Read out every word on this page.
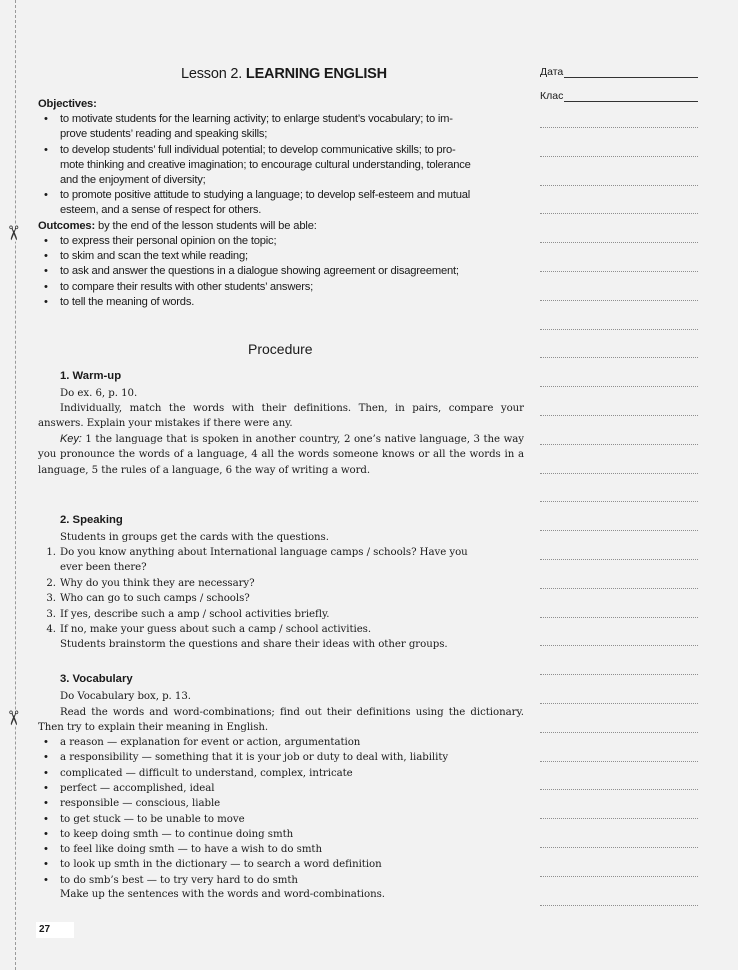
✂
✂
Lesson 2. LEARNING ENGLISH	Дата
Клас
Objectives:
• to motivate students for the learning activity; to enlarge student’s vocabulary; to im-
prove students’ reading and speaking skills;
• to develop students’ full individual potential; to develop communicative skills; to pro-
mote thinking and creative imagination; to encourage cultural understanding, tolerance
and the enjoyment of diversity;
• to promote positive attitude to studying a language; to develop self-esteem and mutual
esteem, and a sense of respect for others.
Outcomes: by the end of the lesson students will be able:
• to express their personal opinion on the topic;
• to skim and scan the text while reading;
• to ask and answer the questions in a dialogue showing agreement or disagreement;
• to compare their results with other students’ answers;
• to tell the meaning of words.
Procedure
1. Warm-up
Do ex. 6, p. 10.
Individually, match the words with their definitions. Then, in pairs, compare your answers. Explain your mistakes if there were any.
Key: 1 the language that is spoken in another country, 2 one’s native language, 3 the way you pronounce the words of a language, 4 all the words someone knows or all the words in a language, 5 the rules of a language, 6 the way of writing a word.
2. Speaking
Students in groups get the cards with the questions.
1. Do you know anything about International language camps / schools? Have you
ever been there?
2. Why do you think they are necessary?
3. Who can go to such camps / schools?
3. If yes, describe such a amp / school activities briefly.
4. If no, make your guess about such a camp / school activities.
Students brainstorm the questions and share their ideas with other groups.
3. Vocabulary
Do Vocabulary box, p. 13.
Read the words and word-combinations; find out their definitions using the dictionary. Then try to explain their meaning in English.
• a reason — explanation for event or action, argumentation
• a responsibility — something that it is your job or duty to deal with, liability
• complicated — difficult to understand, complex, intricate
• perfect — accomplished, ideal
• responsible — conscious, liable
• to get stuck — to be unable to move
• to keep doing smth — to continue doing smth
• to feel like doing smth — to have a wish to do smth
• to look up smth in the dictionary — to search a word definition
• to do smb’s best — to try very hard to do smth
Make up the sentences with the words and word-combinations.
27
